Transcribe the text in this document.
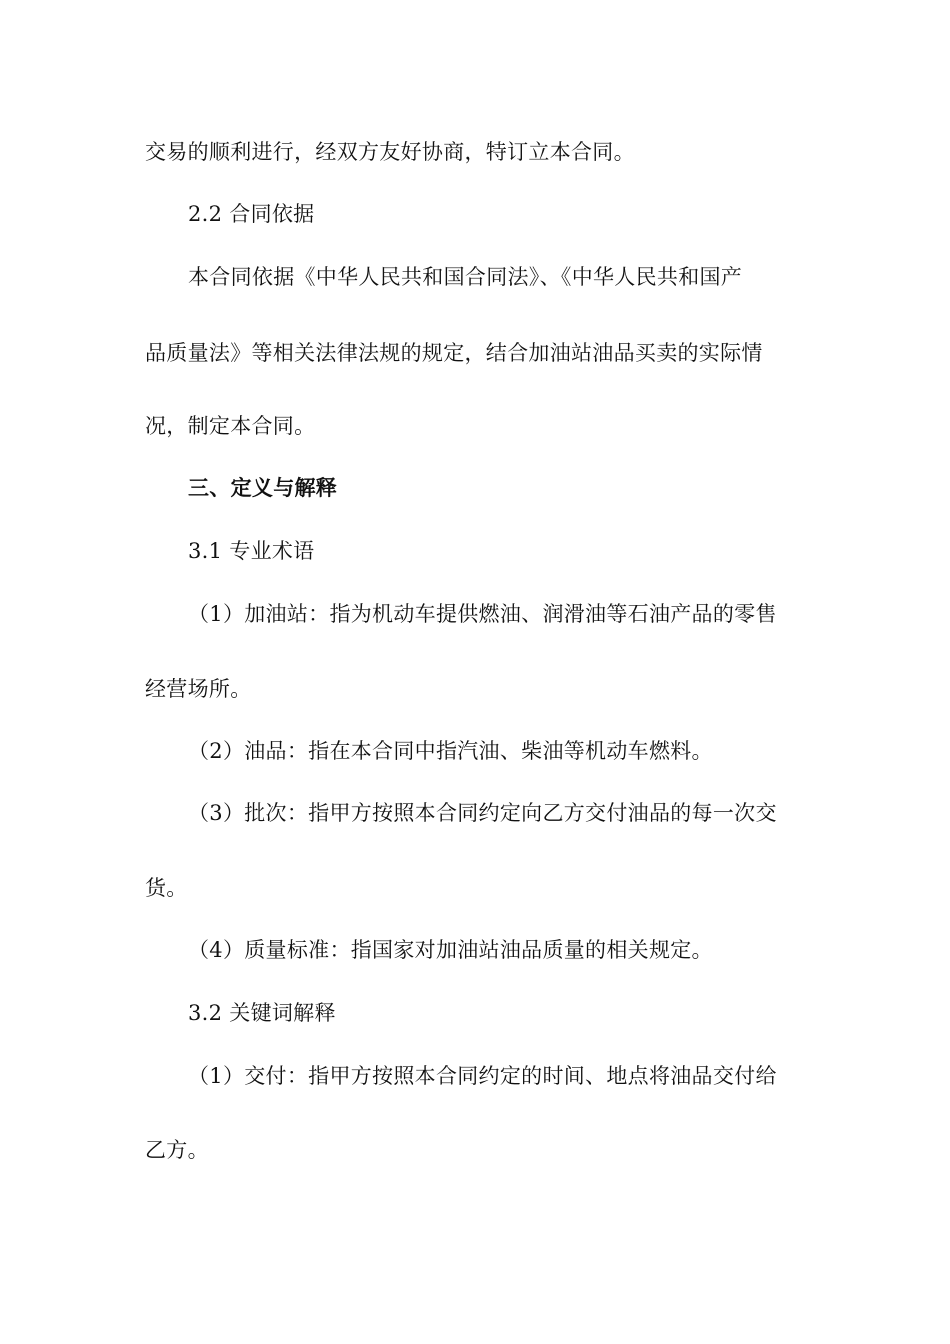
交易的顺利进行，经双方友好协商，特订立本合同。
2.2 合同依据
本合同依据《中华人民共和国合同法》、《中华人民共和国产
品质量法》等相关法律法规的规定，结合加油站油品买卖的实际情
况，制定本合同。
三、定义与解释
3.1 专业术语
（1）加油站：指为机动车提供燃油、润滑油等石油产品的零售
经营场所。
（2）油品：指在本合同中指汽油、柴油等机动车燃料。
（3）批次：指甲方按照本合同约定向乙方交付油品的每一次交
货。
（4）质量标准：指国家对加油站油品质量的相关规定。
3.2 关键词解释
（1）交付：指甲方按照本合同约定的时间、地点将油品交付给
乙方。
